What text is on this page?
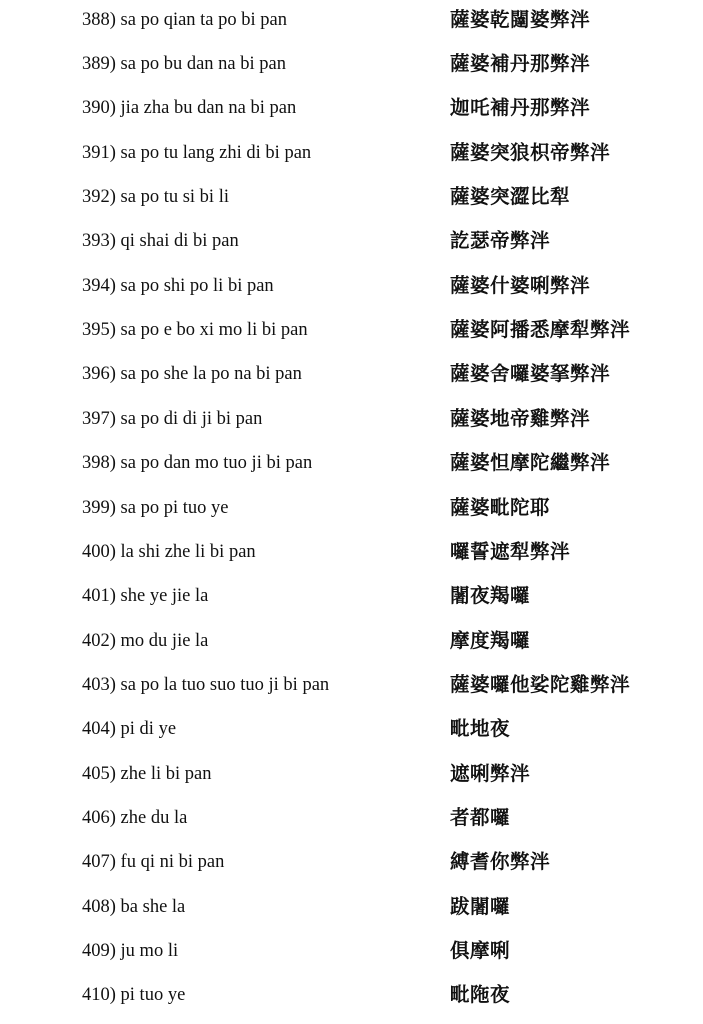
388) sa po qian ta po bi pan	薩婆乾闥婆弊泮
389) sa po bu dan na bi pan	薩婆補丹那弊泮
390) jia zha bu dan na bi pan	迦吒補丹那弊泮
391) sa po tu lang zhi di bi pan	薩婆突狼枳帝弊泮
392) sa po tu si bi li	薩婆突澀比犁
393) qi shai di bi pan	訖瑟帝弊泮
394) sa po shi po li bi pan	薩婆什婆唎弊泮
395) sa po e bo xi mo li bi pan	薩婆阿播悉摩犁弊泮
396) sa po she la po na bi pan	薩婆舍囉婆拏弊泮
397) sa po di di ji bi pan	薩婆地帝雞弊泮
398) sa po dan mo tuo ji bi pan	薩婆怛摩陀繼弊泮
399) sa po pi tuo ye	薩婆毗陀耶
400) la shi zhe li bi pan	囉誓遮犁弊泮
401) she ye jie la	闍夜羯囉
402) mo du jie la	摩度羯囉
403) sa po la tuo suo tuo ji bi pan	薩婆囉他娑陀雞弊泮
404) pi di ye	毗地夜
405) zhe li bi pan	遮唎弊泮
406) zhe du la	者都囉
407) fu qi ni bi pan	縛耆你弊泮
408) ba she la	跋闍囉
409) ju mo li	俱摩唎
410) pi tuo ye	毗陁夜
